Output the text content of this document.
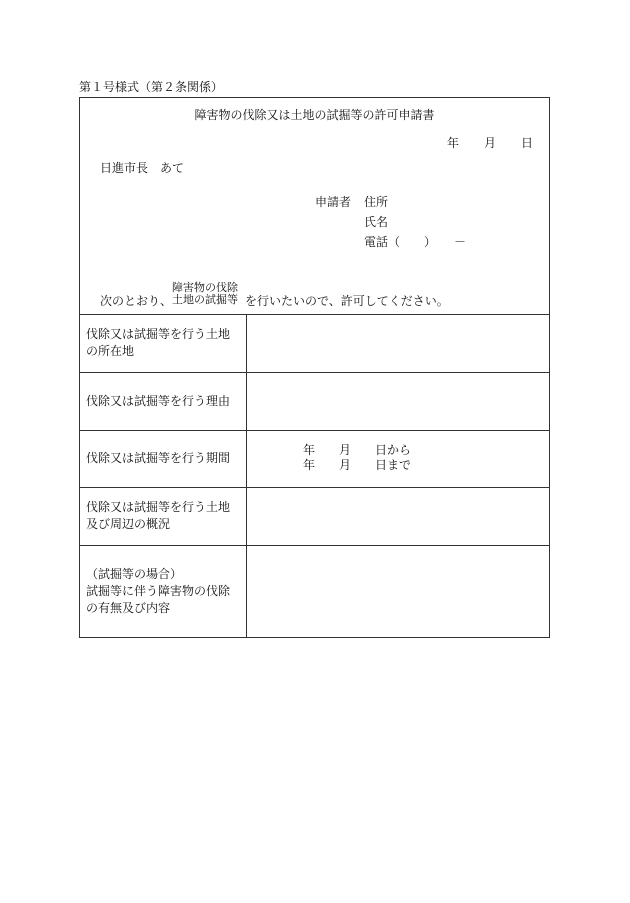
第１号様式（第２条関係）
障害物の伐除又は土地の試掘等の許可申請書
年 月 日
日進市長　あて
申請者 住所
氏名
電話（　　）　　－
次のとおり、
障害物の伐除
土地の試掘等 を行いたいので、許可してください。
伐除又は試掘等を行う土地
の所在地
伐除又は試掘等を行う理由
伐除又は試掘等を行う期間
年　　月　　日から
年　　月　　日まで
伐除又は試掘等を行う土地
及び周辺の概況
（試掘等の場合）
試掘等に伴う障害物の伐除
の有無及び内容
